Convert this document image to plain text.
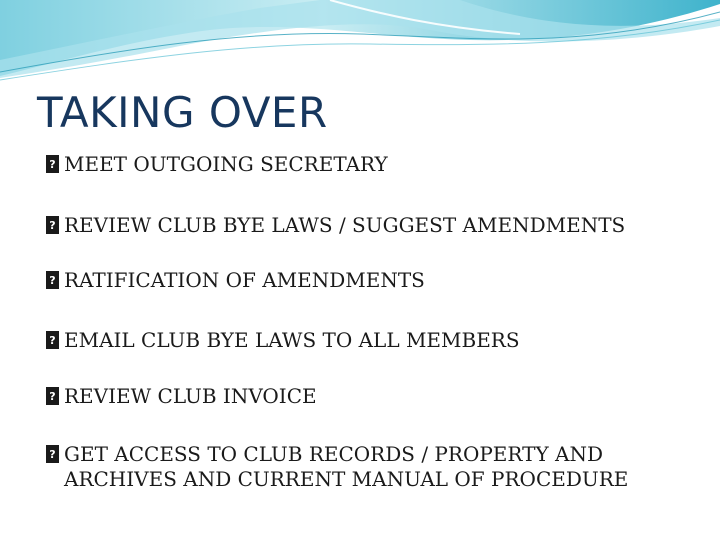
TAKING OVER
? MEET OUTGOING SECRETARY
? REVIEW CLUB BYE LAWS / SUGGEST AMENDMENTS
? RATIFICATION OF AMENDMENTS
? EMAIL CLUB BYE LAWS TO ALL MEMBERS
? REVIEW CLUB INVOICE
? GET ACCESS TO CLUB RECORDS / PROPERTY AND ARCHIVES AND CURRENT MANUAL OF PROCEDURE
